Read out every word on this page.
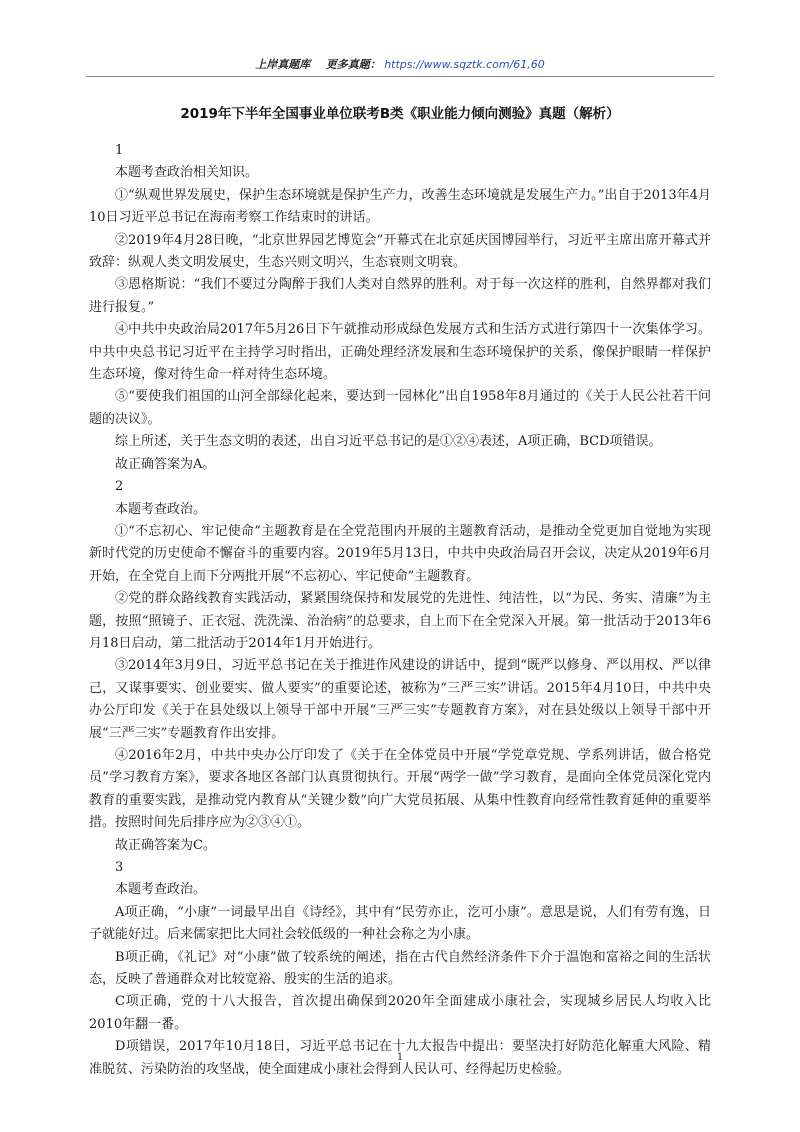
上岸真题库 更多真题： https://www.sqztk.com/61,60
2019年下半年全国事业单位联考B类《职业能力倾向测验》真题（解析）

1

本题考查政治相关知识。

①“纵观世界发展史，保护生态环境就是保护生产力，改善生态环境就是发展生产力。”出自于2013年4月10日习近平总书记在海南考察工作结束时的讲话。

②2019年4月28日晚，“北京世界园艺博览会”开幕式在北京延庆国博园举行，习近平主席出席开幕式并致辞：纵观人类文明发展史，生态兴则文明兴，生态衰则文明衰。

③恩格斯说：“我们不要过分陶醉于我们人类对自然界的胜利。对于每一次这样的胜利，自然界都对我们进行报复。”

④中共中央政治局2017年5月26日下午就推动形成绿色发展方式和生活方式进行第四十一次集体学习。中共中央总书记习近平在主持学习时指出，正确处理经济发展和生态环境保护的关系，像保护眼睛一样保护生态环境，像对待生命一样对待生态环境。

⑤“要使我们祖国的山河全部绿化起来，要达到一园林化”出自1958年8月通过的《关于人民公社若干问题的决议》。

综上所述，关于生态文明的表述，出自习近平总书记的是①②④表述，A项正确，BCD项错误。

故正确答案为A。

2

本题考查政治。

①“不忘初心、牢记使命”主题教育是在全党范围内开展的主题教育活动，是推动全党更加自觉地为实现新时代党的历史使命不懈奋斗的重要内容。2019年5月13日，中共中央政治局召开会议，决定从2019年6月开始，在全党自上而下分两批开展“不忘初心、牢记使命”主题教育。

②党的群众路线教育实践活动，紧紧围绕保持和发展党的先进性、纯洁性，以“为民、务实、清廉”为主题，按照“照镜子、正衣冠、洗洗澡、治治病”的总要求，自上而下在全党深入开展。第一批活动于2013年6月18日启动，第二批活动于2014年1月开始进行。

③2014年3月9日，习近平总书记在关于推进作风建设的讲话中，提到“既严以修身、严以用权、严以律己，又谋事要实、创业要实、做人要实”的重要论述，被称为“三严三实”讲话。2015年4月10日，中共中央办公厅印发《关于在县处级以上领导干部中开展“三严三实”专题教育方案》，对在县处级以上领导干部中开展“三严三实”专题教育作出安排。

④2016年2月，中共中央办公厅印发了《关于在全体党员中开展“学党章党规、学系列讲话，做合格党员”学习教育方案》，要求各地区各部门认真贯彻执行。开展“两学一做”学习教育，是面向全体党员深化党内教育的重要实践，是推动党内教育从“关键少数”向广大党员拓展、从集中性教育向经常性教育延伸的重要举措。按照时间先后排序应为②③④①。

故正确答案为C。

3

本题考查政治。

A项正确，“小康”一词最早出自《诗经》，其中有“民劳亦止，汔可小康”。意思是说，人们有劳有逸，日子就能好过。后来儒家把比大同社会较低级的一种社会称之为小康。

B项正确，《礼记》对“小康”做了较系统的阐述，指在古代自然经济条件下介于温饱和富裕之间的生活状态，反映了普通群众对比较宽裕、殷实的生活的追求。

C项正确，党的十八大报告，首次提出确保到2020年全面建成小康社会，实现城乡居民人均收入比2010年翻一番。

D项错误，2017年10月18日，习近平总书记在十九大报告中提出：要坚决打好防范化解重大风险、精准脱贫、污染防治的攻坚战，使全面建成小康社会得到人民认可、经得起历史检验。

1
